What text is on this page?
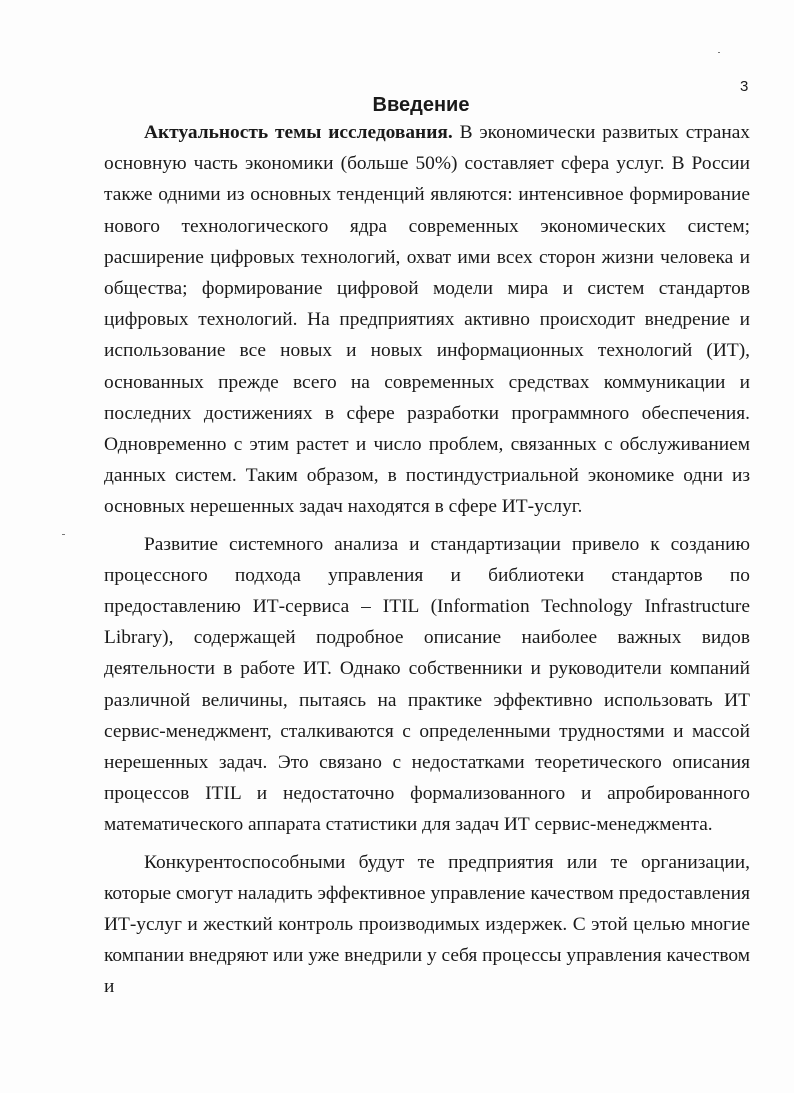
3
Введение

Актуальность темы исследования. В экономически развитых странах основную часть экономики (больше 50%) составляет сфера услуг. В России также одними из основных тенденций являются: интенсивное формирование нового технологического ядра современных экономических систем; расширение цифровых технологий, охват ими всех сторон жизни человека и общества; формирование цифровой модели мира и систем стандартов цифровых технологий. На предприятиях активно происходит внедрение и использование все новых и новых информационных технологий (ИТ), основанных прежде всего на современных средствах коммуникации и последних достижениях в сфере разработки программного обеспечения. Одновременно с этим растет и число проблем, связанных с обслуживанием данных систем. Таким образом, в постиндустриальной экономике одни из основных нерешенных задач находятся в сфере ИТ-услуг.

Развитие системного анализа и стандартизации привело к созданию процессного подхода управления и библиотеки стандартов по предоставлению ИТ-сервиса – ITIL (Information Technology Infrastructure Library), содержащей подробное описание наиболее важных видов деятельности в работе ИТ. Однако собственники и руководители компаний различной величины, пытаясь на практике эффективно использовать ИТ сервис-менеджмент, сталкиваются с определенными трудностями и массой нерешенных задач. Это связано с недостатками теоретического описания процессов ITIL и недостаточно формализованного и апробированного математического аппарата статистики для задач ИТ сервис-менеджмента.

Конкурентоспособными будут те предприятия или те организации, которые смогут наладить эффективное управление качеством предоставления ИТ-услуг и жесткий контроль производимых издержек. С этой целью многие компании внедряют или уже внедрили у себя процессы управления качеством и
